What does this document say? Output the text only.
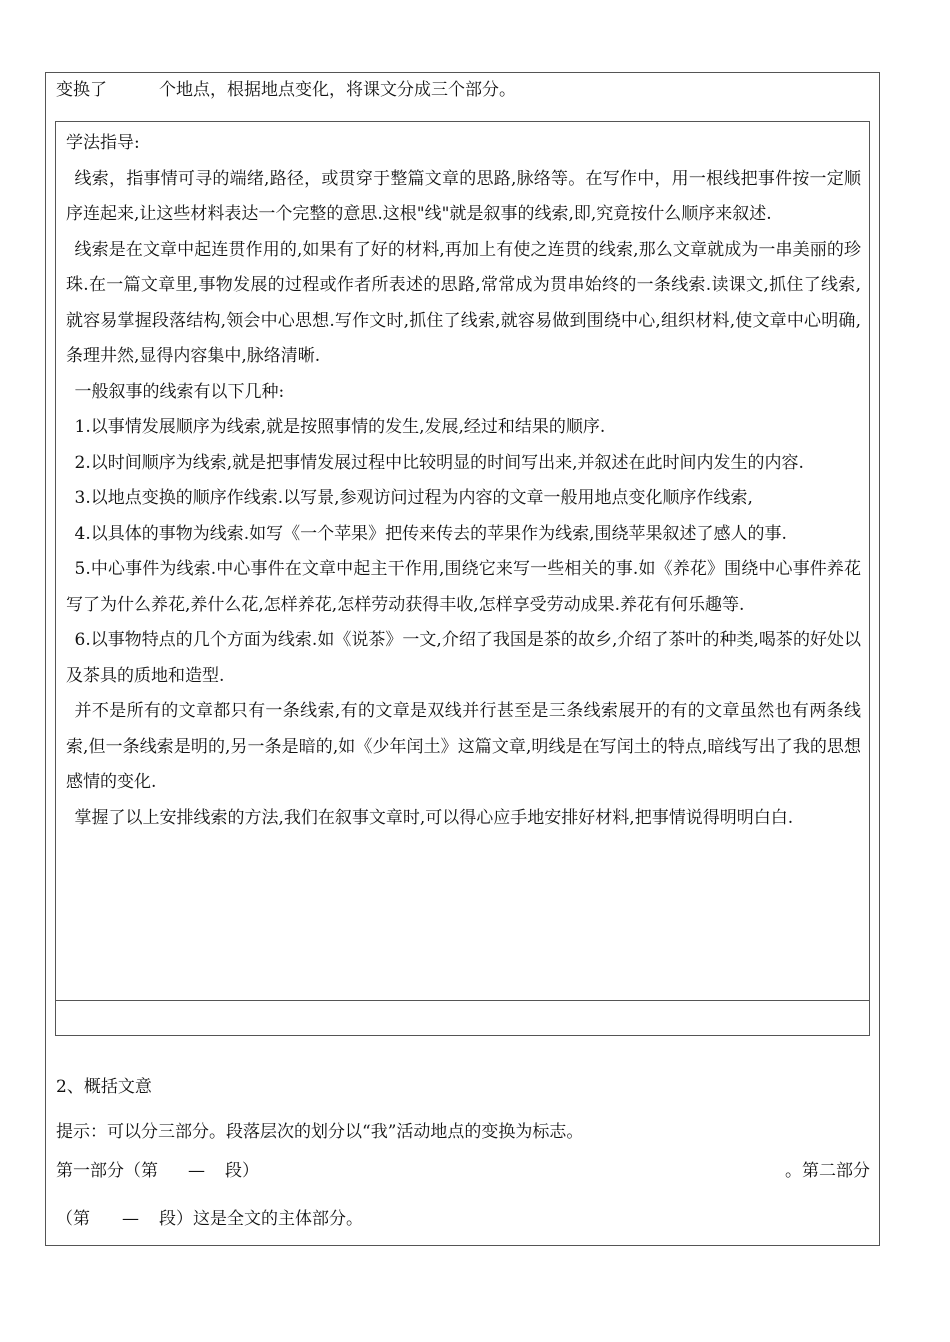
变换了	个地点，根据地点变化，将课文分成三个部分。

学法指导:

线索，指事情可寻的端绪,路径，或贯穿于整篇文章的思路,脉络等。在写作中，用一根线把事件按一定顺序连起来,让这些材料表达一个完整的意思.这根"线"就是叙事的线索,即,究竟按什么顺序来叙述.

线索是在文章中起连贯作用的,如果有了好的材料,再加上有使之连贯的线索,那么文章就成为一串美丽的珍珠.在一篇文章里,事物发展的过程或作者所表述的思路,常常成为贯串始终的一条线索.读课文,抓住了线索,就容易掌握段落结构,领会中心思想.写作文时,抓住了线索,就容易做到围绕中心,组织材料,使文章中心明确,条理井然,显得内容集中,脉络清晰.

一般叙事的线索有以下几种:

1.以事情发展顺序为线索,就是按照事情的发生,发展,经过和结果的顺序.

2.以时间顺序为线索,就是把事情发展过程中比较明显的时间写出来,并叙述在此时间内发生的内容.

3.以地点变换的顺序作线索.以写景,参观访问过程为内容的文章一般用地点变化顺序作线索,

4.以具体的事物为线索.如写《一个苹果》把传来传去的苹果作为线索,围绕苹果叙述了感人的事.

5.中心事件为线索.中心事件在文章中起主干作用,围绕它来写一些相关的事.如《养花》围绕中心事件养花写了为什么养花,养什么花,怎样养花,怎样劳动获得丰收,怎样享受劳动成果.养花有何乐趣等.

6.以事物特点的几个方面为线索.如《说茶》一文,介绍了我国是茶的故乡,介绍了茶叶的种类,喝茶的好处以及茶具的质地和造型.

并不是所有的文章都只有一条线索,有的文章是双线并行甚至是三条线索展开的有的文章虽然也有两条线索,但一条线索是明的,另一条是暗的,如《少年闰土》这篇文章,明线是在写闰土的特点,暗线写出了我的思想感情的变化.

掌握了以上安排线索的方法,我们在叙事文章时,可以得心应手地安排好材料,把事情说得明明白白.

2、概括文意
提示：可以分三部分。段落层次的划分以“我”活动地点的变换为标志。
第一部分（第 — 段）	。第二部分
（第 — 段）这是全文的主体部分。
